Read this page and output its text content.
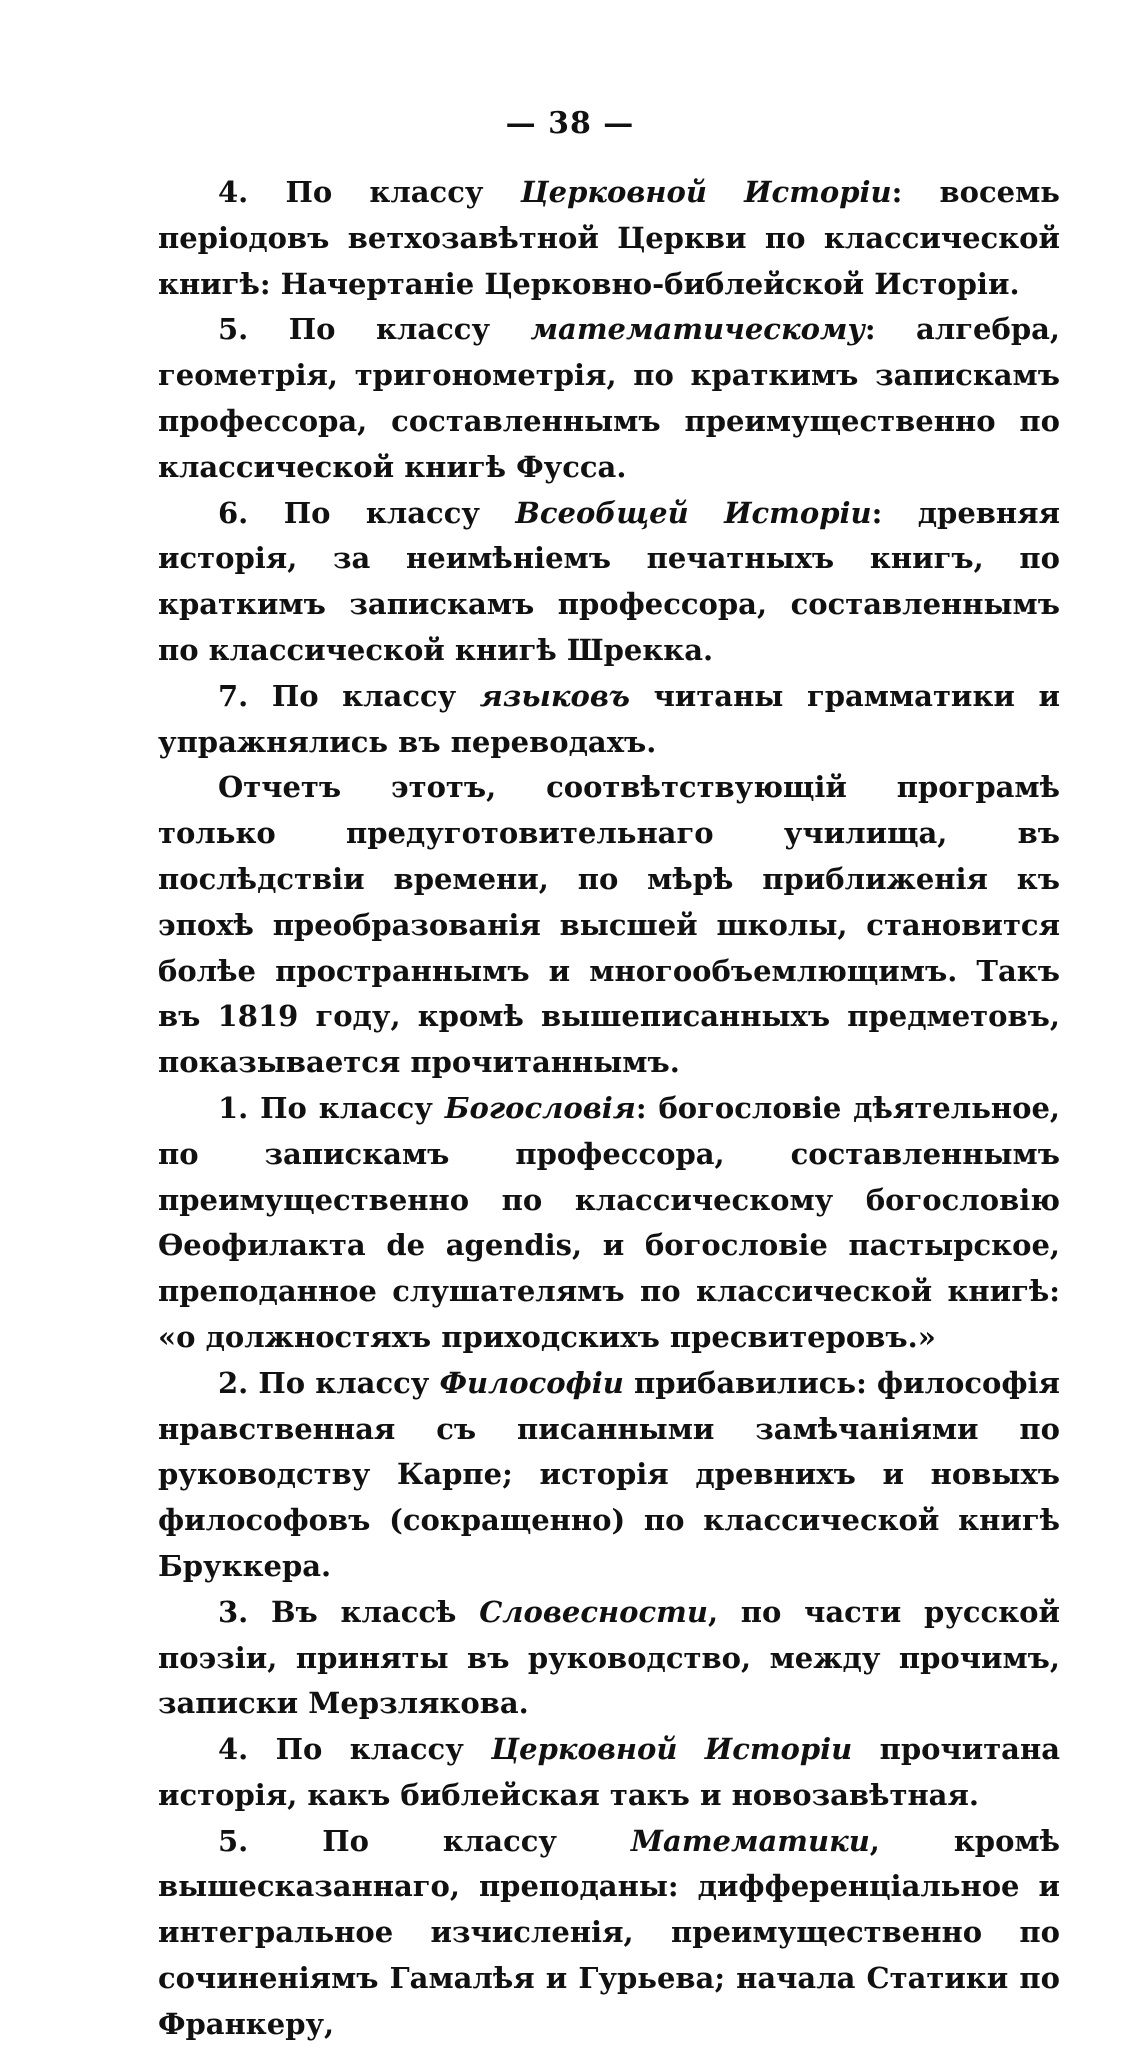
— 38 —

4. По классу Церковной Исторіи: восемь періодовъ ветхозавѣтной Церкви по классической книгѣ: Начертаніе Церковно-библейской Исторіи.

5. По классу математическому: алгебра, геометрія, тригонометрія, по краткимъ запискамъ профессора, составленнымъ преимущественно по классической книгѣ Фусса.

6. По классу Всеобщей Исторіи: древняя исторія, за неимѣніемъ печатныхъ книгъ, по краткимъ запискамъ профессора, составленнымъ по классической книгѣ Шрекка.

7. По классу языковъ читаны грамматики и упражнялись въ переводахъ.

Отчетъ этотъ, соотвѣтствующій програмѣ только предуготовительнаго училища, въ послѣдствіи времени, по мѣрѣ приближенія къ эпохѣ преобразованія высшей школы, становится болѣе пространнымъ и многообъемлющимъ. Такъ въ 1819 году, кромѣ вышеписанныхъ предметовъ, показывается прочитаннымъ.

1. По классу Богословія: богословіе дѣятельное, по запискамъ профессора, составленнымъ преимущественно по классическому богословію Ѳеофилакта de agendis, и богословіе пастырское, преподанное слушателямъ по классической книгѣ: «о должностяхъ приходскихъ пресвитеровъ.»

2. По классу Философіи прибавились: философія нравственная съ писанными замѣчаніями по руководству Карпе; исторія древнихъ и новыхъ философовъ (сокращенно) по классической книгѣ Бруккера.

3. Въ классѣ Словесности, по части русской поэзіи, приняты въ руководство, между прочимъ, записки Мерзлякова.

4. По классу Церковной Исторіи прочитана исторія, какъ библейская такъ и новозавѣтная.

5. По классу Математики, кромѣ вышесказаннаго, преподаны: дифференціальное и интегральное изчисленія, преимущественно по сочиненіямъ Гамалѣя и Гурьева; начала Статики по Франкеру,
